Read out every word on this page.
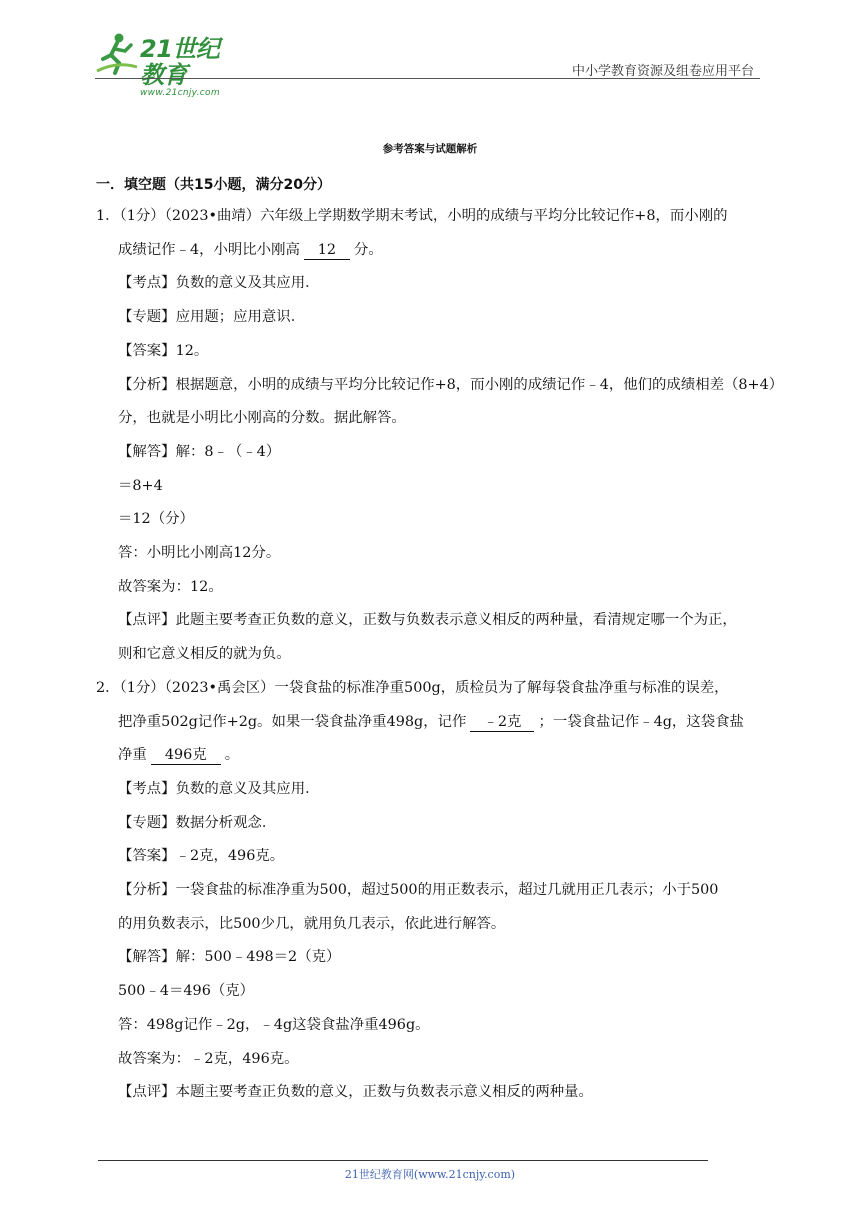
21世纪教育
www.21cnjy.com
中小学教育资源及组卷应用平台
参考答案与试题解析
一．填空题（共15小题，满分20分）
1．（1分）（2023•曲靖）六年级上学期数学期末考试，小明的成绩与平均分比较记作+8，而小刚的
成绩记作﹣4，小明比小刚高 12 分。
【考点】负数的意义及其应用．
【专题】应用题；应用意识．
【答案】12。
【分析】根据题意，小明的成绩与平均分比较记作+8，而小刚的成绩记作﹣4，他们的成绩相差（8+4）
分，也就是小明比小刚高的分数。据此解答。
【解答】解：8﹣（﹣4）
＝8+4
＝12（分）
答：小明比小刚高12分。
故答案为：12。
【点评】此题主要考查正负数的意义，正数与负数表示意义相反的两种量，看清规定哪一个为正，
则和它意义相反的就为负。
2．（1分）（2023•禹会区）一袋食盐的标准净重500g，质检员为了解每袋食盐净重与标准的误差，
把净重502g记作+2g。如果一袋食盐净重498g，记作 ﹣2克 ；一袋食盐记作﹣4g，这袋食盐
净重 496克 。
【考点】负数的意义及其应用．
【专题】数据分析观念．
【答案】﹣2克，496克。
【分析】一袋食盐的标准净重为500，超过500的用正数表示，超过几就用正几表示；小于500
的用负数表示，比500少几，就用负几表示，依此进行解答。
【解答】解：500﹣498＝2（克）
500﹣4＝496（克）
答：498g记作﹣2g，﹣4g这袋食盐净重496g。
故答案为：﹣2克，496克。
【点评】本题主要考查正负数的意义，正数与负数表示意义相反的两种量。
21世纪教育网(www.21cnjy.com)
